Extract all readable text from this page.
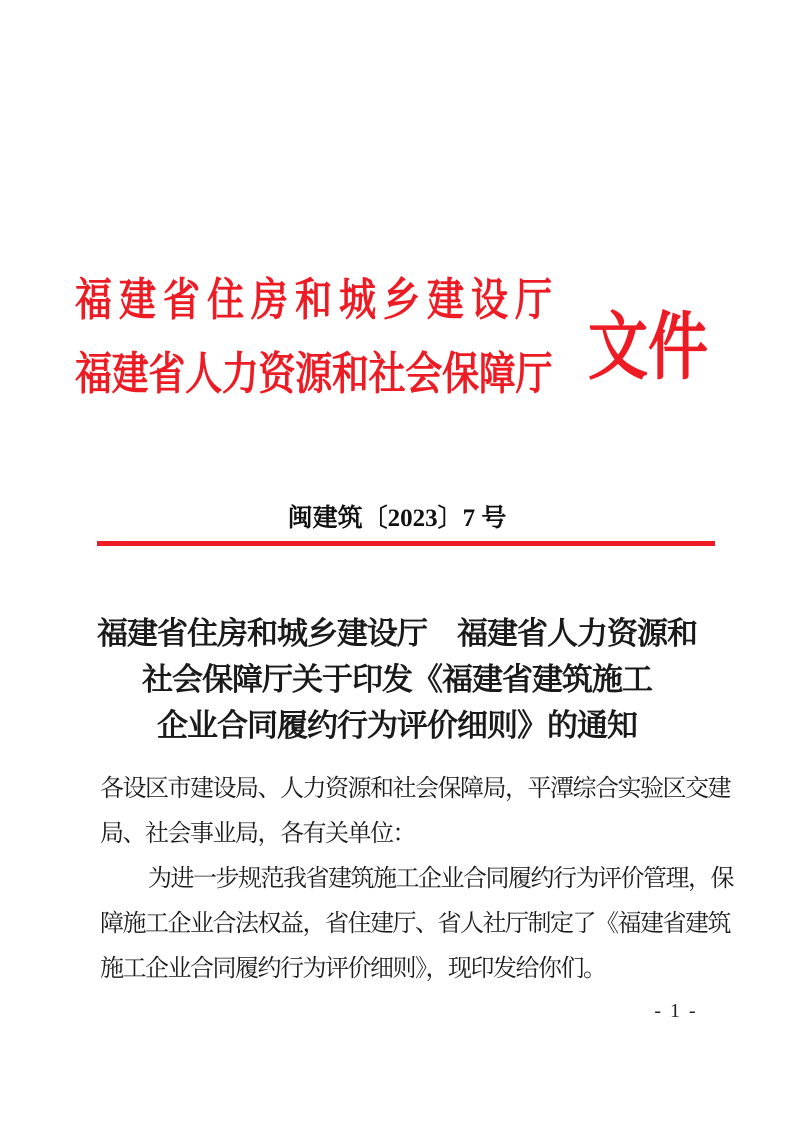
福建省住房和城乡建设厅
福建省人力资源和社会保障厅 文件
闽建筑〔2023〕7 号
福建省住房和城乡建设厅　福建省人力资源和
社会保障厅关于印发《福建省建筑施工
企业合同履约行为评价细则》的通知
各设区市建设局、人力资源和社会保障局，平潭综合实验区交建
局、社会事业局，各有关单位：
为进一步规范我省建筑施工企业合同履约行为评价管理，保
障施工企业合法权益，省住建厅、省人社厅制定了《福建省建筑
施工企业合同履约行为评价细则》，现印发给你们。
- 1 -
